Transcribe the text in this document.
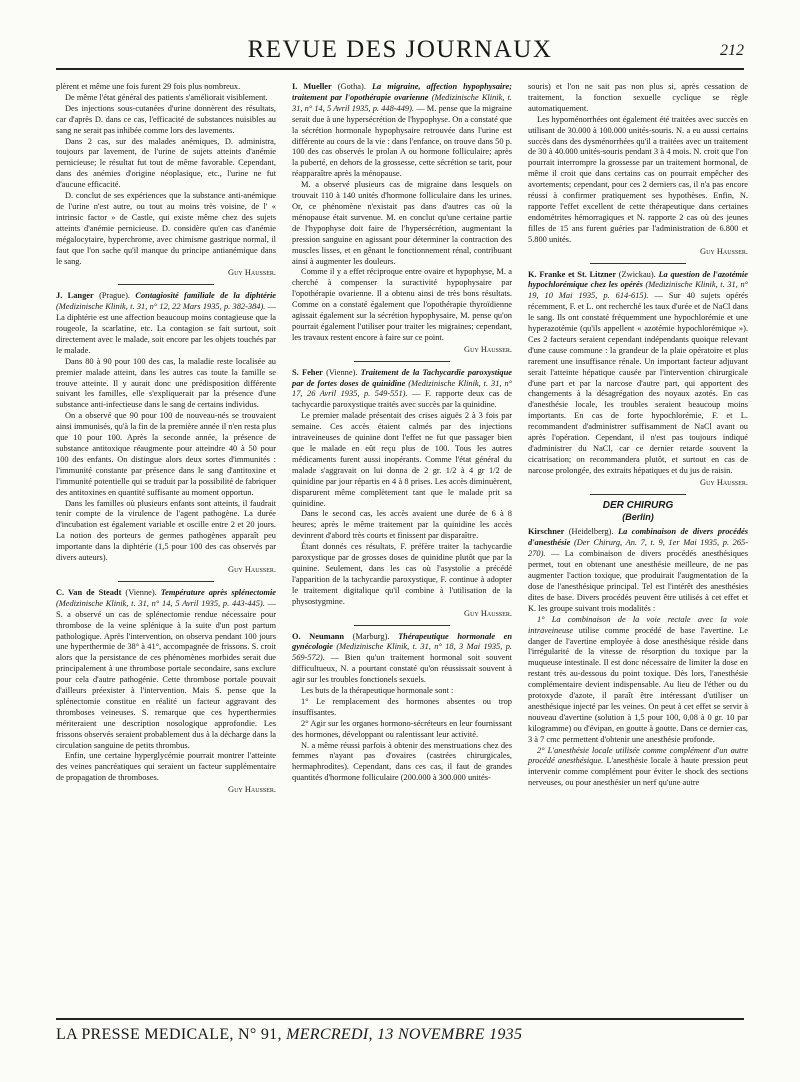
REVUE DES JOURNAUX	212

plèrent et même une fois furent 29 fois plus nombreux.

De même l'état général des patients s'améliorait visiblement.

Des injections sous-cutanées d'urine donnèrent des résultats, car d'après D. dans ce cas, l'efficacité de substances nuisibles au sang ne serait pas inhibée comme lors des lavements.

Dans 2 cas, sur des malades anémiques, D. administra, toujours par lavement, de l'urine de sujets atteints d'anémie pernicieuse; le résultat fut tout de même favorable. Cependant, dans des anémies d'origine néoplasique, etc., l'urine ne fut d'aucune efficacité.

D. conclut de ses expériences que la substance anti-anémique de l'urine n'est autre, ou tout au moins très voisine, de l' « intrinsic factor » de Castle, qui existe même chez des sujets atteints d'anémie pernicieuse. D. considère qu'en cas d'anémie mégalocytaire, hyperchrome, avec chimisme gastrique normal, il faut que l'on sache qu'il manque du principe antianémique dans le sang.

Guy Hausser.

J. Langer (Prague). Contagiosité familiale de la diphtérie (Medizinische Klinik, t. 31, n° 12, 22 Mars 1935, p. 382-384). — La diphtérie est une affection beaucoup moins contagieuse que la rougeole, la scarlatine, etc. La contagion se fait surtout, soit directement avec le malade, soit encore par les objets touchés par le malade.

Dans 80 à 90 pour 100 des cas, la maladie reste localisée au premier malade atteint, dans les autres cas toute la famille se trouve atteinte. Il y aurait donc une prédisposition différente suivant les familles, elle s'expliquerait par la présence d'une substance anti-infectieuse dans le sang de certains individus.

On a observé que 90 pour 100 de nouveau-nés se trouvaient ainsi immunisés, qu'à la fin de la première année il n'en resta plus que 10 pour 100. Après la seconde année, la présence de substance antitoxique réaugmente pour atteindre 40 à 50 pour 100 des enfants. On distingue alors deux sortes d'immunités : l'immunité constante par présence dans le sang d'antitoxine et l'immunité potentielle qui se traduit par la possibilité de fabriquer des antitoxines en quantité suffisante au moment opportun.

Dans les familles où plusieurs enfants sont atteints, il faudrait tenir compte de la virulence de l'agent pathogène. La durée d'incubation est également variable et oscille entre 2 et 20 jours. La notion des porteurs de germes pathogènes apparaît peu importante dans la diphtérie (1,5 pour 100 des cas observés par divers auteurs).

Guy Hausser.

C. Van de Steadt (Vienne). Température après splénectomie (Medizinische Klinik, t. 31, n° 14, 5 Avril 1935, p. 443-445). — S. a observé un cas de splénectomie rendue nécessaire pour thrombose de la veine splénique à la suite d'un post partum pathologique. Après l'intervention, on observa pendant 100 jours une hyperthermie de 38° à 41°, accompagnée de frissons. S. croit alors que la persistance de ces phénomènes morbides serait due principalement à une thrombose portale secondaire, sans exclure pour cela d'autre pathogénie. Cette thrombose portale pouvait d'ailleurs préexister à l'intervention. Mais S. pense que la splénectomie constitue en réalité un facteur aggravant des thromboses veineuses. S. remarque que ces hyperthermies mériteraient une description nosologique approfondie. Les frissons observés seraient probablement dus à la décharge dans la circulation sanguine de petits thrombus.

Enfin, une certaine hyperglycémie pourrait montrer l'atteinte des veines pancréatiques qui seraient un facteur supplémentaire de propagation de thromboses.

Guy Hausser.

I. Mueller (Gotha). La migraine, affection hypophysaire; traitement par l'opothérapie ovarienne (Medizinische Klinik, t. 31, n° 14, 5 Avril 1935, p. 448-449). — M. pense que la migraine serait due à une hypersécrétion de l'hypophyse. On a constaté que la sécrétion hormonale hypophysaire retrouvée dans l'urine est différente au cours de la vie : dans l'enfance, on trouve dans 50 p. 100 des cas observés le prolan A ou hormone folliculaire; après la puberté, en dehors de la grossesse, cette sécrétion se tarit, pour réapparaître après la ménopause.

M. a observé plusieurs cas de migraine dans lesquels on trouvait 110 à 140 unités d'hormone folliculaire dans les urines. Or, ce phénomène n'existait pas dans d'autres cas où la ménopause était survenue. M. en conclut qu'une certaine partie de l'hypophyse doit faire de l'hypersécrétion, augmentant la pression sanguine en agissant pour déterminer la contraction des muscles lisses, et en gênant le fonctionnement rénal, contribuant ainsi à augmenter les douleurs.

Comme il y a effet réciproque entre ovaire et hypophyse, M. a cherché à compenser la suractivité hypophysaire par l'opothérapie ovarienne. Il a obtenu ainsi de très bons résultats. Comme on a constaté également que l'opothérapie thyroïdienne agissait également sur la sécrétion hypophysaire, M. pense qu'on pourrait également l'utiliser pour traiter les migraines; cependant, les travaux restent encore à faire sur ce point.

Guy Hausser.

S. Feher (Vienne). Traitement de la Tachycardie paroxystique par de fortes doses de quinidine (Medizinische Klinik, t. 31, n° 17, 26 Avril 1935, p. 549-551). — F. rapporte deux cas de tachycardie paroxystique traités avec succès par la quinidine.

Le premier malade présentait des crises aiguës 2 à 3 fois par semaine. Ces accès étaient calmés par des injections intraveineuses de quinine dont l'effet ne fut que passager bien que le malade en eût reçu plus de 100. Tous les autres médicaments furent aussi inopérants. Comme l'état général du malade s'aggravait on lui donna de 2 gr. 1/2 à 4 gr 1/2 de quinidine par jour répartis en 4 à 8 prises. Les accès diminuèrent, disparurent même complètement tant que le malade prit sa quinidine.

Dans le second cas, les accès avaient une durée de 6 à 8 heures; après le même traitement par la quinidine les accès devinrent d'abord très courts et finissent par disparaître.

Étant donnés ces résultats, F. préfère traiter la tachycardie paroxystique par de grosses doses de quinidine plutôt que par la quinine. Seulement, dans les cas où l'asystolie a précédé l'apparition de la tachycardie paroxystique, F. continue à adopter le traitement digitalique qu'il combine à l'utilisation de la physostygmine.

Guy Hausser.

O. Neumann (Marburg). Thérapeutique hormonale en gynécologie (Medizinische Klinik, t. 31, n° 18, 3 Mai 1935, p. 569-572). — Bien qu'un traitement hormonal soit souvent difficultueux, N. a pourtant constaté qu'on réussissait souvent à agir sur les troubles fonctionels sexuels.

Les buts de la thérapeutique hormonale sont :

1° Le remplacement des hormones absentes ou trop insuffisantes.

2° Agir sur les organes hormono-sécréteurs en leur fournissant des hormones, développant ou ralentissant leur activité.

N. a même réussi parfois à obtenir des menstruations chez des femmes n'ayant pas d'ovaires (castrées chirurgicales, hermaphrodites). Cependant, dans ces cas, il faut de grandes quantités d'hormone folliculaire (200.000 à 300.000 unités-

souris) et l'on ne sait pas non plus si, après cessation de traitement, la fonction sexuelle cyclique se règle automatiquement.

Les hypoménorrhées ont également été traitées avec succès en utilisant de 30.000 à 100.000 unités-souris. N. a eu aussi certains succès dans des dysménorrhées qu'il a traitées avec un traitement de 30 à 40.000 unités-souris pendant 3 à 4 mois. N. croit que l'on pourrait interrompre la grossesse par un traitement hormonal, de même il croit que dans certains cas on pourrait empêcher des avortements; cependant, pour ces 2 derniers cas, il n'a pas encore réussi à confirmer pratiquement ses hypothèses. Enfin, N. rapporte l'effet excellent de cette thérapeutique dans certaines endométrites hémorragiques et N. rapporte 2 cas où des jeunes filles de 15 ans furent guéries par l'administration de 6.800 et 5.800 unités.

Guy Hausser.

K. Franke et St. Litzner (Zwickau). La question de l'azotémie hypochlorémique chez les opérés (Medizinische Klinik, t. 31, n° 19, 10 Mai 1935, p. 614-615). — Sur 40 sujets opérés récemment, F. et L. ont recherché les taux d'urée et de NaCl dans le sang. Ils ont constaté fréquemment une hypochlorémie et une hyperazotémie (qu'ils appellent « azotémie hypochlorémique »). Ces 2 facteurs seraient cependant indépendants quoique relevant d'une cause commune : la grandeur de la plaie opératoire et plus rarement une insuffisance rénale. Un important facteur adjuvant serait l'atteinte hépatique causée par l'intervention chirurgicale d'une part et par la narcose d'autre part, qui apportent des changements à la désagrégation des noyaux azotés. En cas d'anesthésie locale, les troubles seraient beaucoup moins importants. En cas de forte hypochlorémie, F. et L. recommandent d'administrer suffisamment de NaCl avant ou après l'opération. Cependant, il n'est pas toujours indiqué d'administrer du NaCl, car ce dernier retarde souvent la cicatrisation; on recommandera plutôt, et surtout en cas de narcose prolongée, des extraits hépatiques et du jus de raisin.

Guy Hausser.
DER CHIRURG
(Berlin)

Kirschner (Heidelberg). La combinaison de divers procédés d'anesthésie (Der Chirurg, An. 7, t. 9, 1er Mai 1935, p. 265-270). — La combinaison de divers procédés anesthésiques permet, tout en obtenant une anesthésie meilleure, de ne pas augmenter l'action toxique, que produirait l'augmentation de la dose de l'anesthésique principal. Tel est l'intérêt des anesthésies dites de base. Divers procédés peuvent être utilisés à cet effet et K. les groupe suivant trois modalités :

1° La combinaison de la voie rectale avec la voie intraveineuse utilise comme procédé de base l'avertine. Le danger de l'avertine employée à dose anesthésique réside dans l'irrégularité de la vitesse de résorption du toxique par la muqueuse intestinale. Il est donc nécessaire de limiter la dose en restant très au-dessous du point toxique. Dès lors, l'anesthésie complémentaire devient indispensable. Au lieu de l'éther ou du protoxyde d'azote, il paraît être intéressant d'utiliser un anesthésique injecté par les veines. On peut à cet effet se servir à nouveau d'avertine (solution à 1,5 pour 100, 0,08 à 0 gr. 10 par kilogramme) ou d'évipan, en goutte à goutte. Dans ce dernier cas, 3 à 7 cmc permettent d'obtenir une anesthésie profonde.

2° L'anesthésie locale utilisée comme complément d'un autre procédé anesthésique. L'anesthésie locale à haute pression peut intervenir comme complément pour éviter le shock des sections nerveuses, ou pour anesthésier un nerf qu'une autre

LA PRESSE MEDICALE, N° 91, MERCREDI, 13 NOVEMBRE 1935
